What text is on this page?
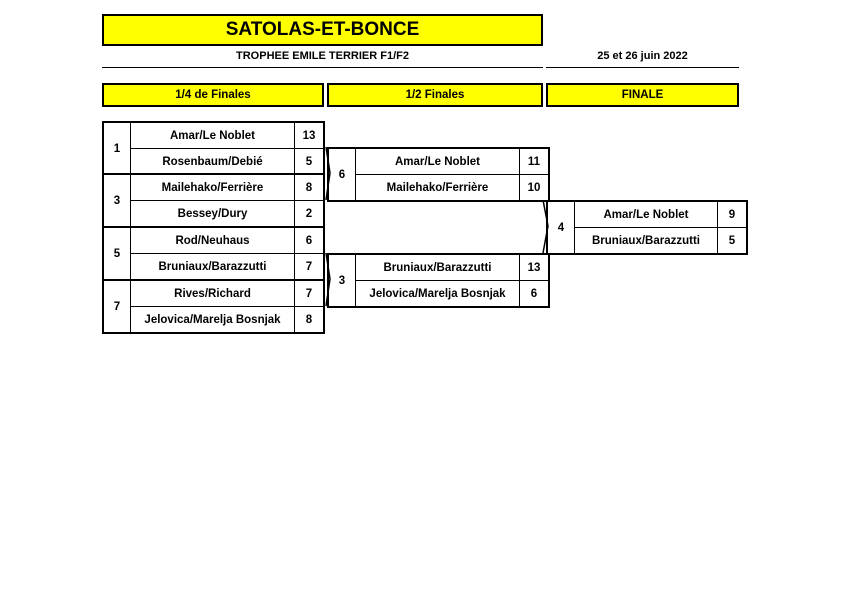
SATOLAS-ET-BONCE
TROPHEE EMILE TERRIER F1/F2	25 et 26 juin 2022
1/4 de Finales	1/2 Finales	FINALE
1	Amar/Le Noblet	13
	Rosenbaum/Debié	5
3	Mailehako/Ferrière	8
	Bessey/Dury	2
5	Rod/Neuhaus	6
	Bruniaux/Barazzutti	7
7	Rives/Richard	7
	Jelovica/Marelja Bosnjak	8
6	Amar/Le Noblet	11
	Mailehako/Ferrière	10
3	Bruniaux/Barazzutti	13
	Jelovica/Marelja Bosnjak	6
4	Amar/Le Noblet	9
	Bruniaux/Barazzutti	5
